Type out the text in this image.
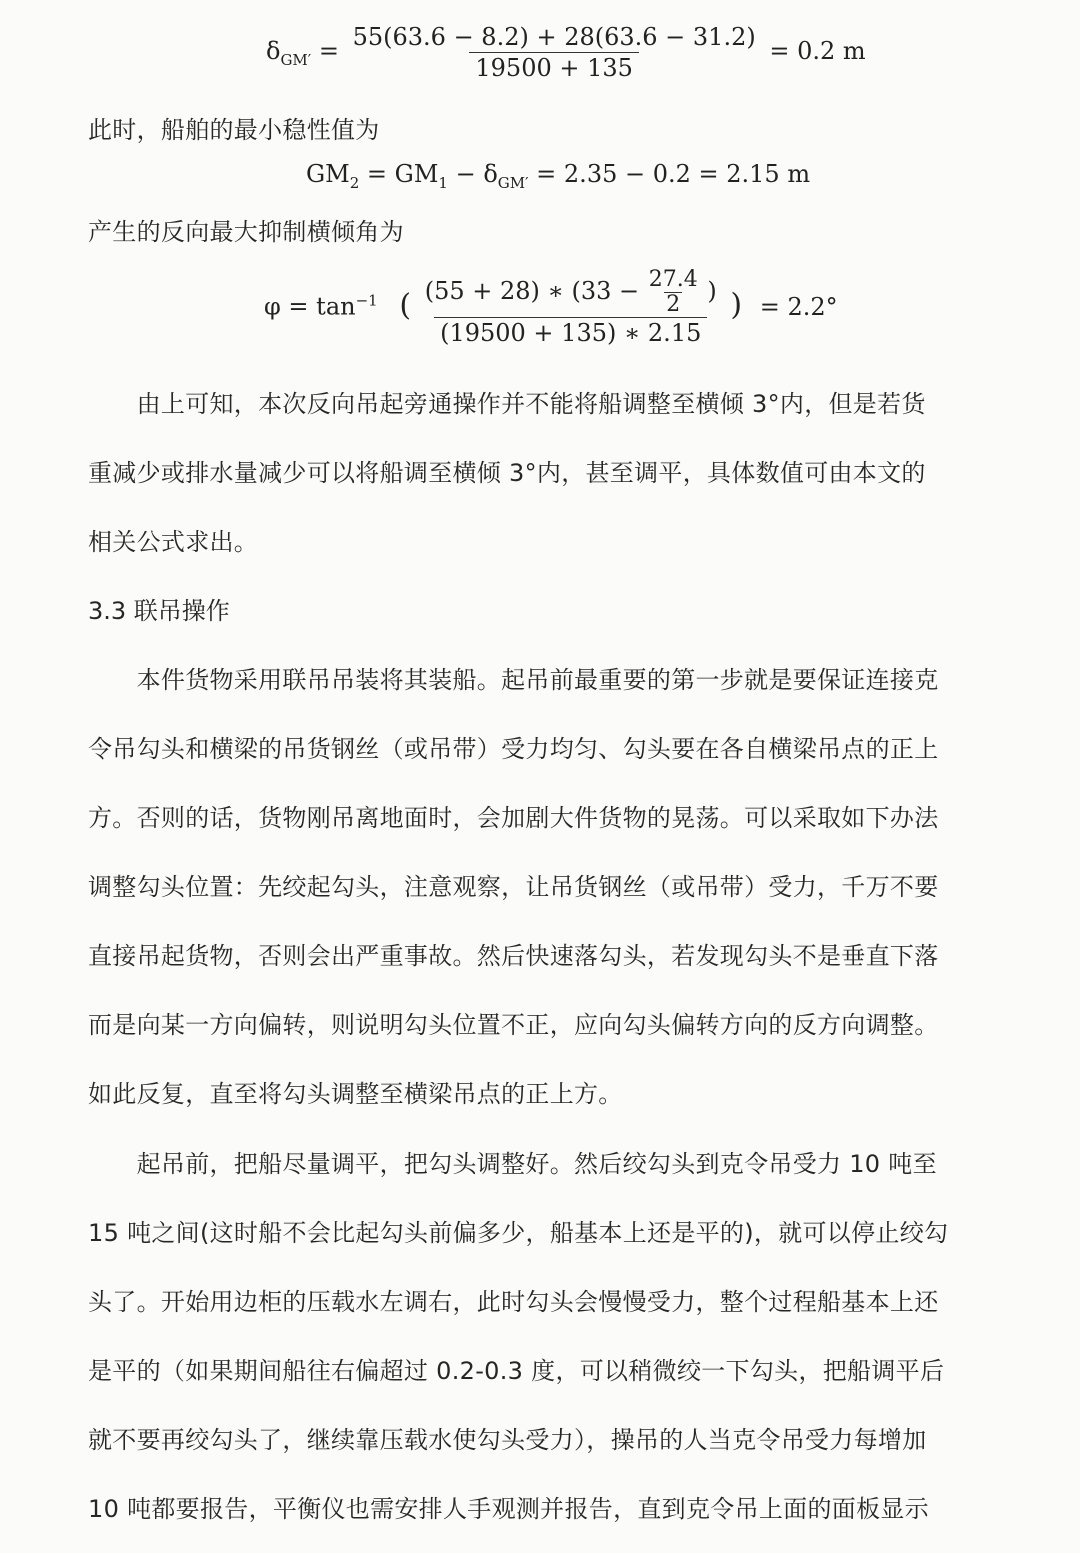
$\delta_{GM'} = \frac{55(63.6 - 8.2) + 28(63.6 - 31.2)}{19500 + 135} = 0.2$ m
此时，船舶的最小稳性值为
$GM_2 = GM_1 - \delta_{GM'} = 2.35 - 0.2 = 2.15$ m
产生的反向最大抑制横倾角为
$\varphi = \tan^{-1}$ ( (55 + 28) ∗ ($33 - \frac{27.4}{2}$ )
(19500 + 135) ∗ 2.15
) = 2.2°
　　由上可知，本次反向吊起旁通操作并不能将船调整至横倾 3°内，但是若货
重减少或排水量减少可以将船调至横倾 3°内，甚至调平，具体数值可由本文的
相关公式求出。
3.3 联吊操作
　　本件货物采用联吊吊装将其装船。起吊前最重要的第一步就是要保证连接克
令吊勾头和横梁的吊货钢丝（或吊带）受力均匀、勾头要在各自横梁吊点的正上
方。否则的话，货物刚吊离地面时，会加剧大件货物的晃荡。可以采取如下办法
调整勾头位置：先绞起勾头，注意观察，让吊货钢丝（或吊带）受力，千万不要
直接吊起货物，否则会出严重事故。然后快速落勾头，若发现勾头不是垂直下落
而是向某一方向偏转，则说明勾头位置不正，应向勾头偏转方向的反方向调整。
如此反复，直至将勾头调整至横梁吊点的正上方。
　　起吊前，把船尽量调平，把勾头调整好。然后绞勾头到克令吊受力 10 吨至
15 吨之间(这时船不会比起勾头前偏多少，船基本上还是平的)，就可以停止绞勾
头了。开始用边柜的压载水左调右，此时勾头会慢慢受力，整个过程船基本上还
是平的（如果期间船往右偏超过 0.2-0.3 度，可以稍微绞一下勾头，把船调平后
就不要再绞勾头了，继续靠压载水使勾头受力），操吊的人当克令吊受力每增加
10 吨都要报告，平衡仪也需安排人手观测并报告，直到克令吊上面的面板显示
